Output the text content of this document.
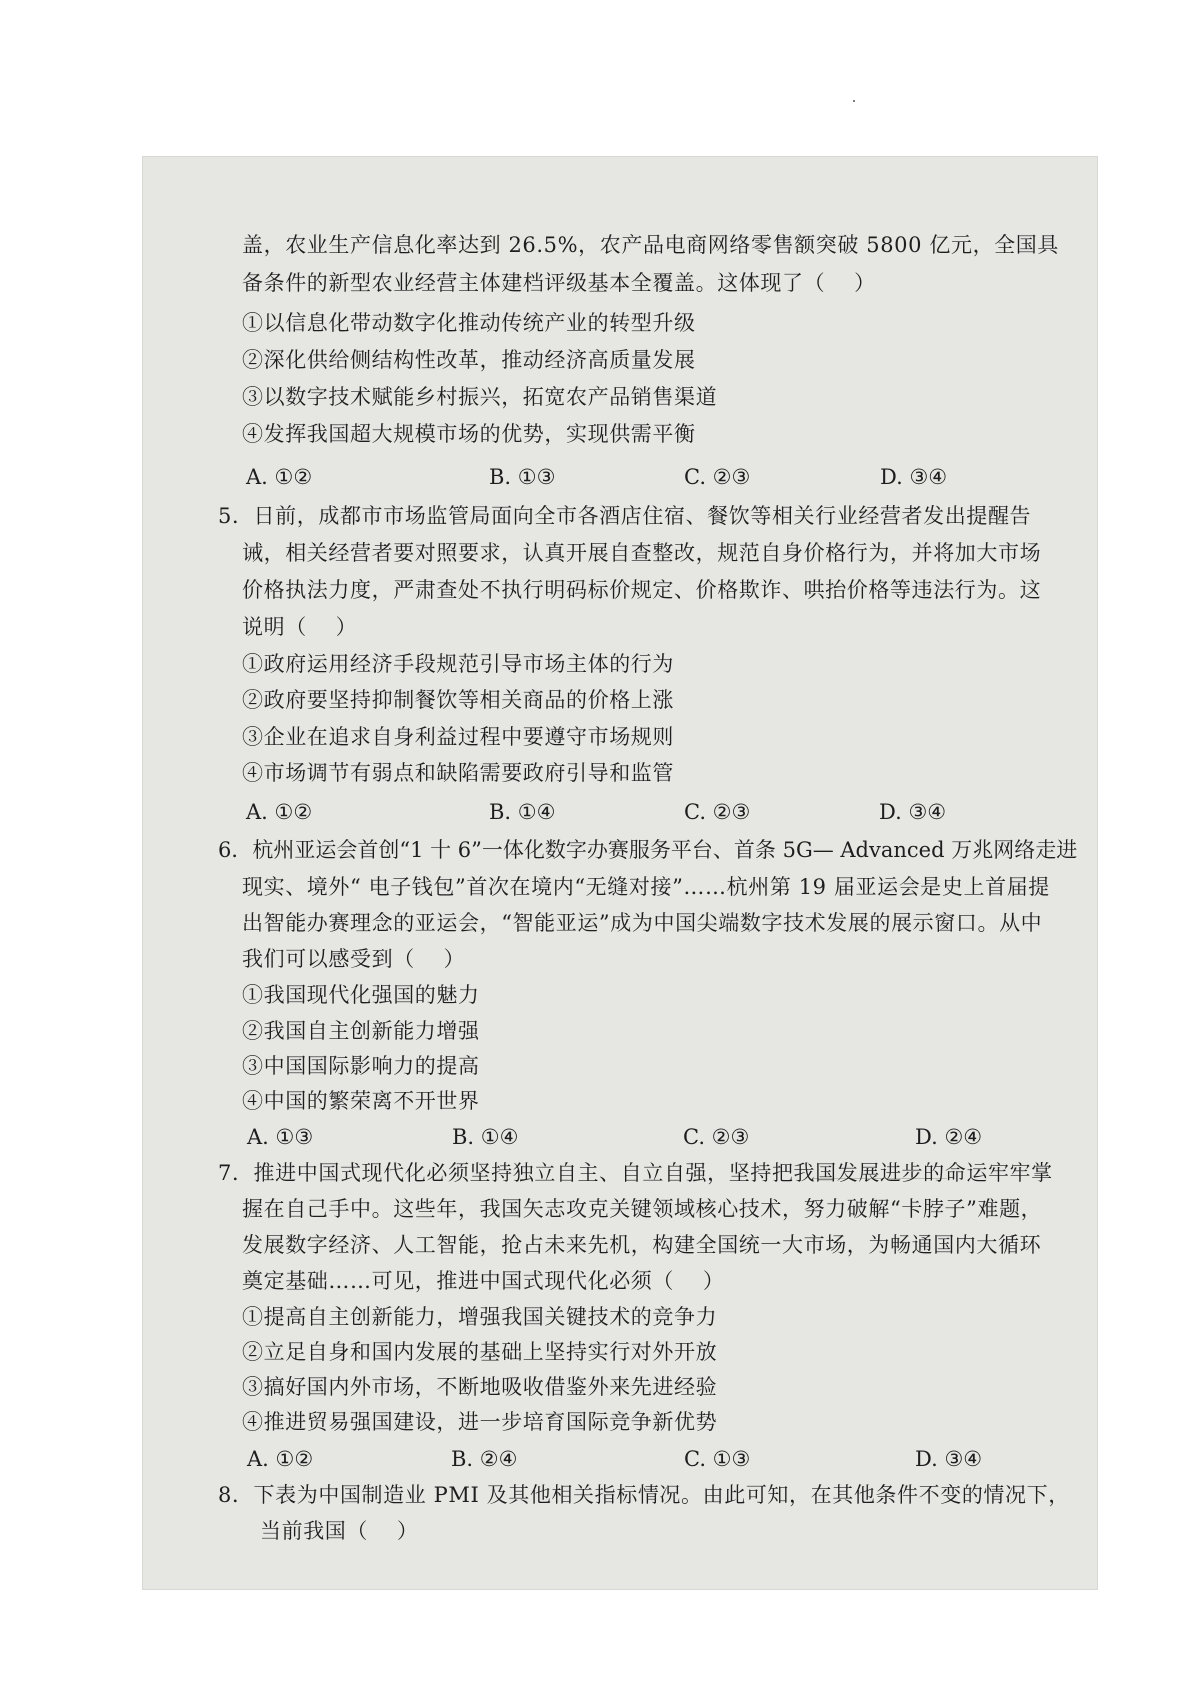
盖，农业生产信息化率达到 26.5%，农产品电商网络零售额突破 5800 亿元，全国具
备条件的新型农业经营主体建档评级基本全覆盖。这体现了（　 ）
①以信息化带动数字化推动传统产业的转型升级
②深化供给侧结构性改革，推动经济高质量发展
③以数字技术赋能乡村振兴，拓宽农产品销售渠道
④发挥我国超大规模市场的优势，实现供需平衡
A. ①②	B. ①③	C. ②③	D. ③④
5．日前，成都市市场监管局面向全市各酒店住宿、餐饮等相关行业经营者发出提醒告
诫，相关经营者要对照要求，认真开展自查整改，规范自身价格行为，并将加大市场
价格执法力度，严肃查处不执行明码标价规定、价格欺诈、哄抬价格等违法行为。这
说明（　 ）
①政府运用经济手段规范引导市场主体的行为
②政府要坚持抑制餐饮等相关商品的价格上涨
③企业在追求自身利益过程中要遵守市场规则
④市场调节有弱点和缺陷需要政府引导和监管
A. ①②	B. ①④	C. ②③	D. ③④
6．杭州亚运会首创“1 十 6”一体化数字办赛服务平台、首条 5G— Advanced 万兆网络走进
现实、境外“ 电子钱包”首次在境内“无缝对接”……杭州第 19 届亚运会是史上首届提
出智能办赛理念的亚运会，“智能亚运”成为中国尖端数字技术发展的展示窗口。从中
我们可以感受到（　 ）
①我国现代化强国的魅力
②我国自主创新能力增强
③中国国际影响力的提高
④中国的繁荣离不开世界
A. ①③	B. ①④	C. ②③	D. ②④
7．推进中国式现代化必须坚持独立自主、自立自强，坚持把我国发展进步的命运牢牢掌
握在自己手中。这些年，我国矢志攻克关键领域核心技术，努力破解“卡脖子”难题，
发展数字经济、人工智能，抢占未来先机，构建全国统一大市场，为畅通国内大循环
奠定基础……可见，推进中国式现代化必须（　 ）
①提高自主创新能力，增强我国关键技术的竞争力
②立足自身和国内发展的基础上坚持实行对外开放
③搞好国内外市场，不断地吸收借鉴外来先进经验
④推进贸易强国建设，进一步培育国际竞争新优势
A. ①②	B. ②④	C. ①③	D. ③④
8．下表为中国制造业 PMI 及其他相关指标情况。由此可知，在其他条件不变的情况下，
当前我国（　 ）
